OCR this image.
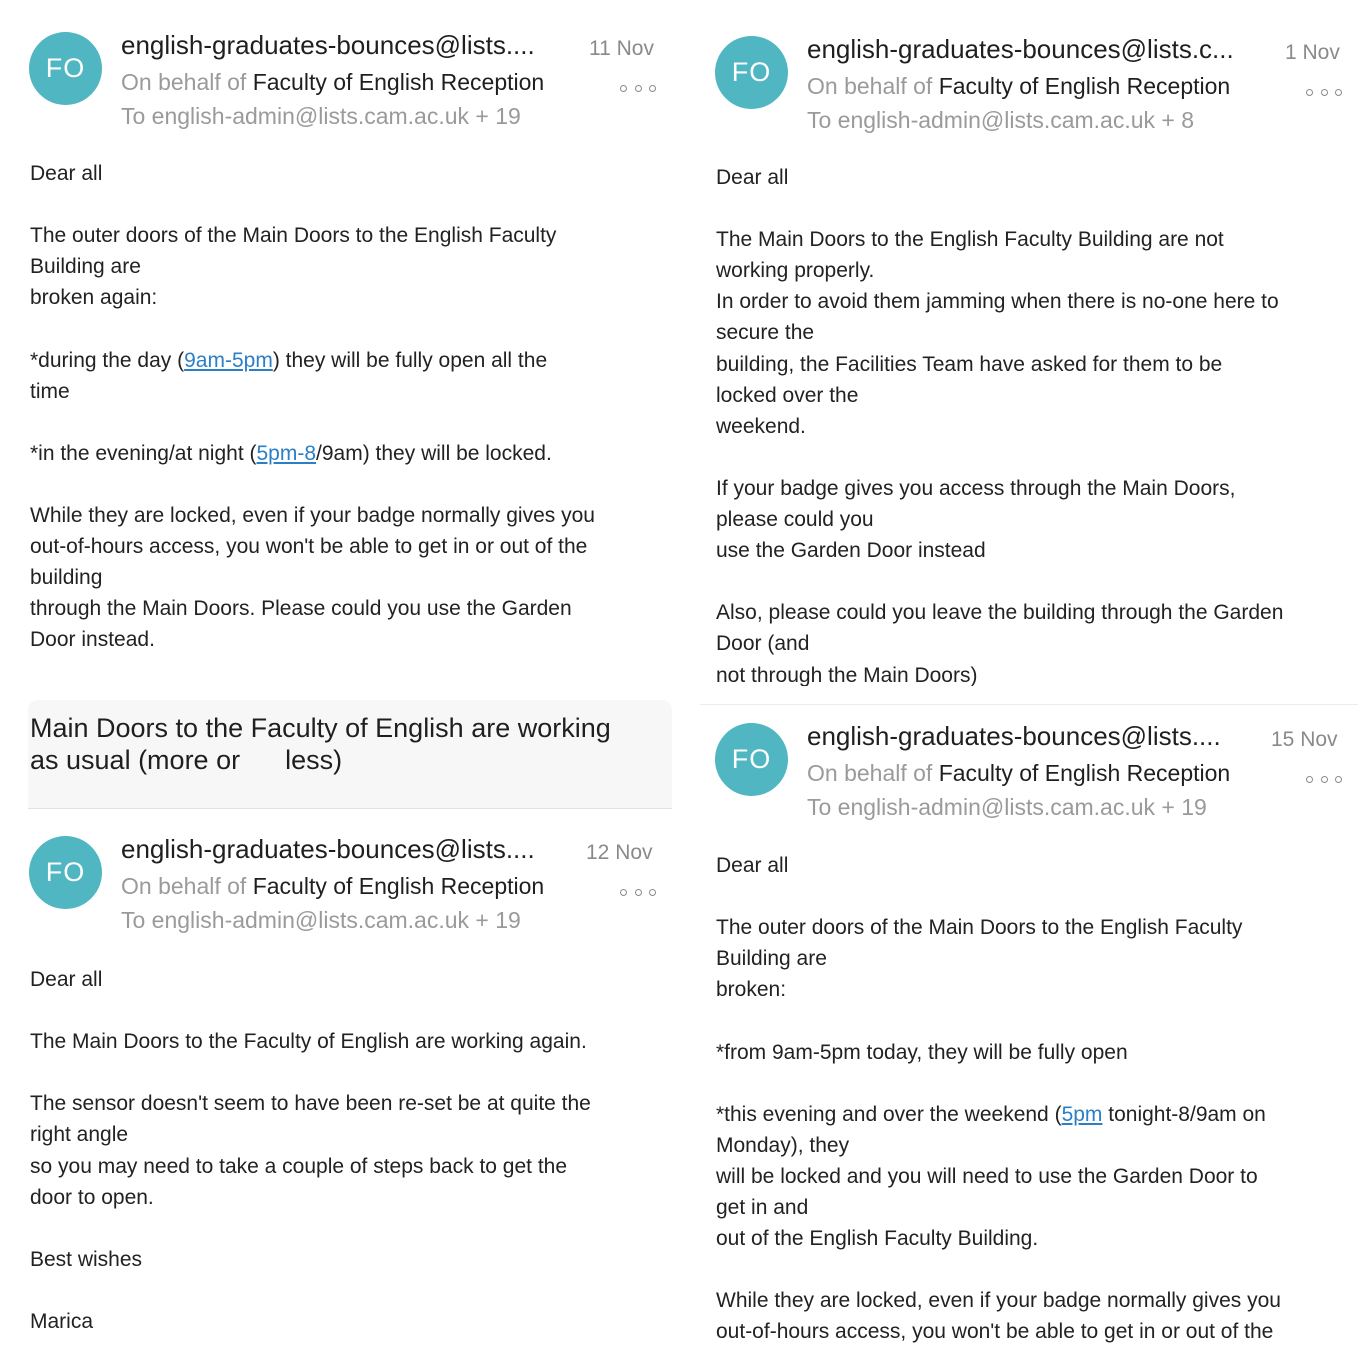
FO
english-graduates-bounces@lists....	11 Nov
On behalf of Faculty of English Reception
To english-admin@lists.cam.ac.uk + 19
Dear all
The outer doors of the Main Doors to the English Faculty
Building are
broken again:
*during the day (9am-5pm) they will be fully open all the
time
*in the evening/at night (5pm-8/9am) they will be locked.
While they are locked, even if your badge normally gives you
out-of-hours access, you won't be able to get in or out of the
building
through the Main Doors. Please could you use the Garden
Door instead.
FO
english-graduates-bounces@lists.c...	1 Nov
On behalf of Faculty of English Reception
To english-admin@lists.cam.ac.uk + 8
Dear all
The Main Doors to the English Faculty Building are not
working properly.
In order to avoid them jamming when there is no-one here to
secure the
building, the Facilities Team have asked for them to be
locked over the
weekend.
If your badge gives you access through the Main Doors,
please could you
use the Garden Door instead
Also, please could you leave the building through the Garden
Door (and
not through the Main Doors)
Main Doors to the Faculty of English are working
as usual (more or      less)
FO
english-graduates-bounces@lists....	12 Nov
On behalf of Faculty of English Reception
To english-admin@lists.cam.ac.uk + 19
Dear all
The Main Doors to the Faculty of English are working again.
The sensor doesn't seem to have been re-set be at quite the
right angle
so you may need to take a couple of steps back to get the
door to open.
Best wishes
Marica
FO
english-graduates-bounces@lists....	15 Nov
On behalf of Faculty of English Reception
To english-admin@lists.cam.ac.uk + 19
Dear all
The outer doors of the Main Doors to the English Faculty
Building are
broken:
*from 9am-5pm today, they will be fully open
*this evening and over the weekend (5pm tonight-8/9am on
Monday), they
will be locked and you will need to use the Garden Door to
get in and
out of the English Faculty Building.
While they are locked, even if your badge normally gives you
out-of-hours access, you won't be able to get in or out of the
